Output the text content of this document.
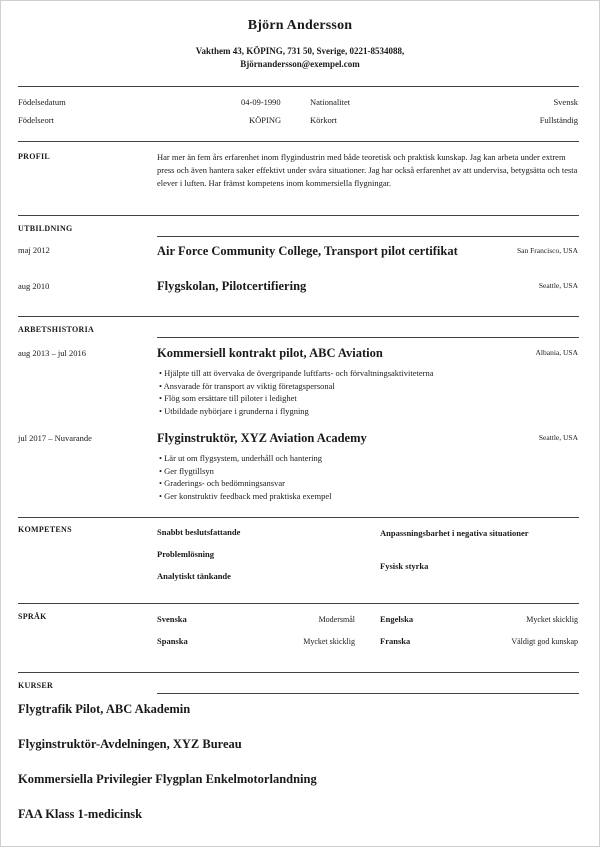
Björn Andersson
Vakthem 43, KÖPING, 731 50, Sverige, 0221-8534088,
Björnandersson@exempel.com
Födelsedatum	04-09-1990	Nationalitet	Svensk
Födelseort	KÖPING	Körkort	Fullständig
PROFIL	Har mer än fem års erfarenhet inom flygindustrin med både teoretisk och praktisk kunskap. Jag kan arbeta under extrem press och även hantera saker effektivt under svåra situationer. Jag har också erfarenhet av att undervisa, betygsätta och testa elever i luften. Har främst kompetens inom kommersiella flygningar.
UTBILDNING
maj 2012	Air Force Community College, Transport pilot certifikat	San Francisco, USA
aug 2010	Flygskolan, Pilotcertifiering	Seattle, USA
ARBETSHISTORIA
aug 2013 – jul 2016	Kommersiell kontrakt pilot, ABC Aviation	Albania, USA
• Hjälpte till att övervaka de övergripande luftfarts- och förvaltningsaktiviteterna
• Ansvarade för transport av viktig företagspersonal
• Flög som ersättare till piloter i ledighet
• Utbildade nybörjare i grunderna i flygning
jul 2017 – Nuvarande	Flyginstruktör, XYZ Aviation Academy	Seattle, USA
• Lär ut om flygsystem, underhåll och hantering
• Ger flygtillsyn
• Graderings- och bedömningsansvar
• Ger konstruktiv feedback med praktiska exempel
KOMPETENS	Snabbt beslutsfattande
Problemlösning
Analytiskt tänkande
Anpassningsbarhet i negativa situationer
Fysisk styrka
SPRÅK	Svenska	Modersmål
Spanska	Mycket skicklig
Engelska	Mycket skicklig
Franska	Väldigt god kunskap
KURSER
Flygtrafik Pilot, ABC Akademin
Flyginstruktör-Avdelningen, XYZ Bureau
Kommersiella Privilegier Flygplan Enkelmotorlandning
FAA Klass 1-medicinsk
